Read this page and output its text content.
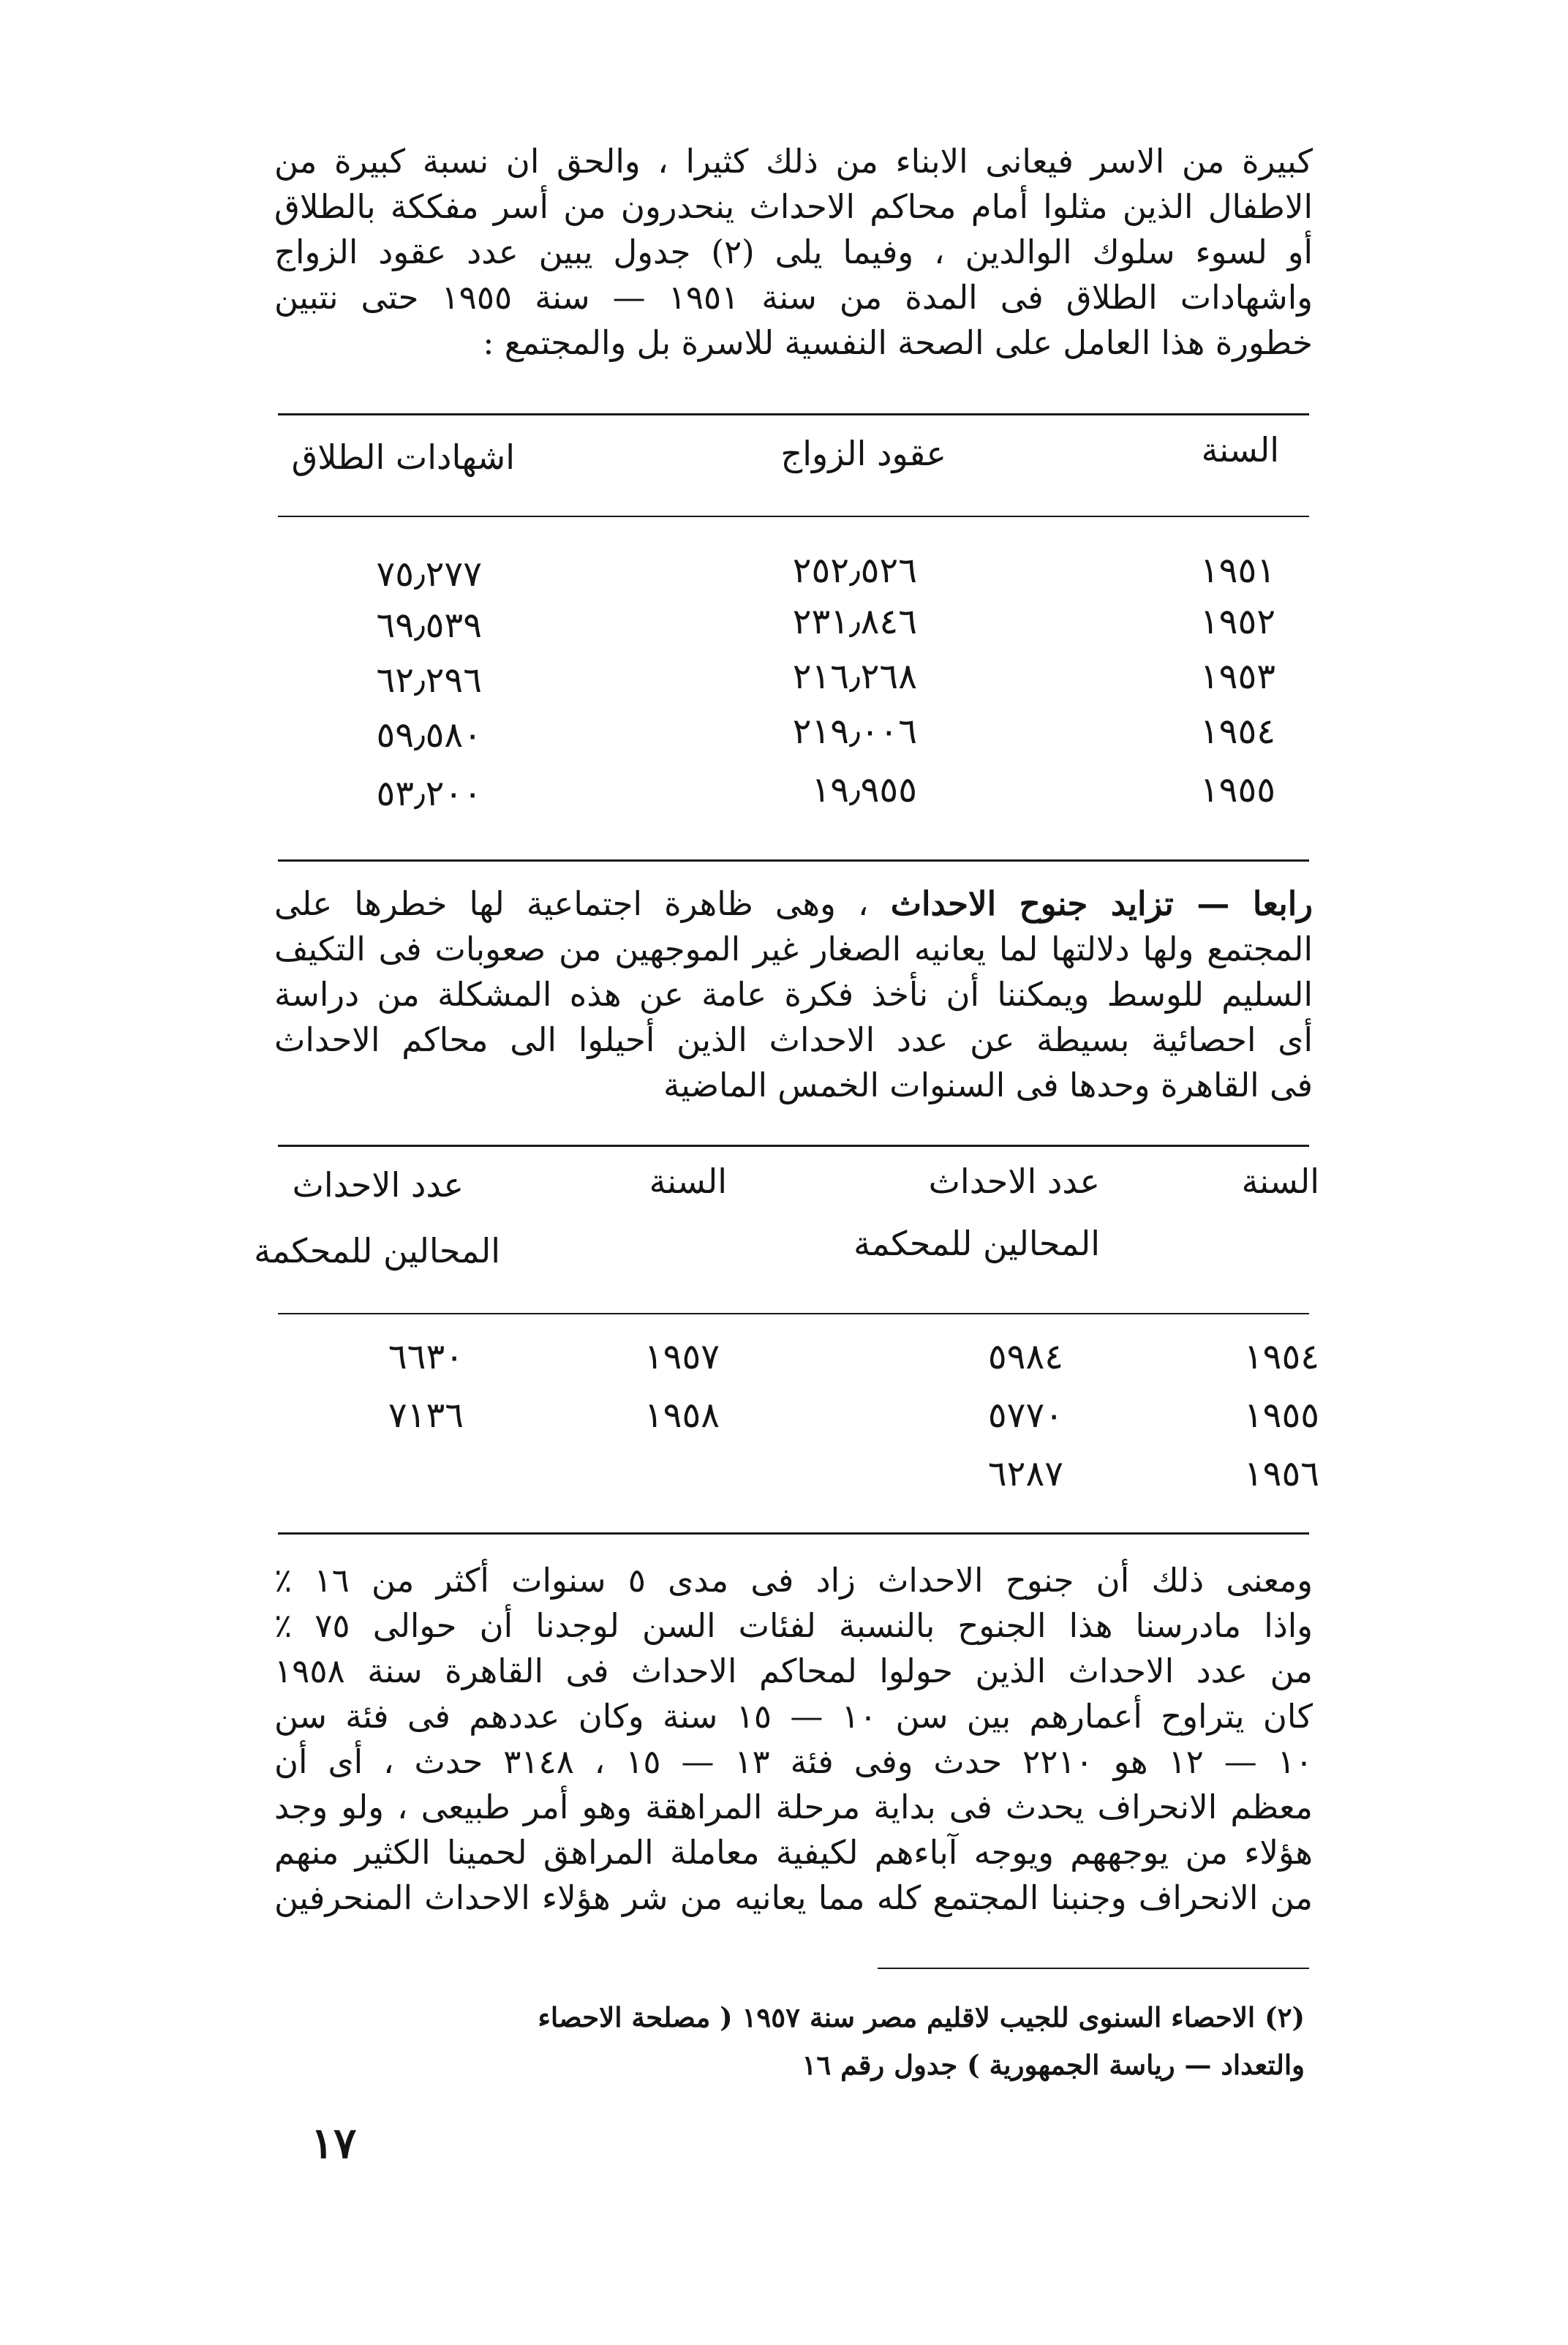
كبيرة من الاسر فيعانى الابناء من ذلك كثيرا ، والحق ان نسبة كبيرة من
الاطفال الذين مثلوا أمام محاكم الاحداث ينحدرون من أسر مفككة بالطلاق
أو لسوء سلوك الوالدين ، وفيما يلى (٢) جدول يبين عدد عقود الزواج
واشهادات الطلاق فى المدة من سنة ١٩٥١ — سنة ١٩٥٥ حتى نتبين
خطورة هذا العامل على الصحة النفسية للاسرة بل والمجتمع :
السنة
عقود الزواج
اشهادات الطلاق
١٩٥١
٢٥٢٫٥٢٦
٧٥٫٢٧٧
١٩٥٢
٢٣١٫٨٤٦
٦٩٫٥٣٩
١٩٥٣
٢١٦٫٢٦٨
٦٢٫٢٩٦
١٩٥٤
٢١٩٫٠٠٦
٥٩٫٥٨٠
١٩٥٥
١٩٫٩٥٥
٥٣٫٢٠٠
رابعا — تزايد جنوح الاحداث ، وهى ظاهرة اجتماعية لها خطرها على
المجتمع ولها دلالتها لما يعانيه الصغار غير الموجهين من صعوبات فى التكيف
السليم للوسط ويمكننا أن نأخذ فكرة عامة عن هذه المشكلة من دراسة
أى احصائية بسيطة عن عدد الاحداث الذين أحيلوا الى محاكم الاحداث
فى القاهرة وحدها فى السنوات الخمس الماضية
السنة
عدد الاحداث
المحالين للمحكمة
السنة
عدد الاحداث
المحالين للمحكمة
١٩٥٤
٥٩٨٤
١٩٥٥
٥٧٧٠
١٩٥٦
٦٢٨٧
١٩٥٧
٦٦٣٠
١٩٥٨
٧١٣٦
ومعنى ذلك أن جنوح الاحداث زاد فى مدى ٥ سنوات أكثر من ١٦ ٪
واذا مادرسنا هذا الجنوح بالنسبة لفئات السن لوجدنا أن حوالى ٧٥ ٪
من عدد الاحداث الذين حولوا لمحاكم الاحداث فى القاهرة سنة ١٩٥٨
كان يتراوح أعمارهم بين سن ١٠ — ١٥ سنة وكان عددهم فى فئة سن
١٠ — ١٢ هو ٢٢١٠ حدث وفى فئة ١٣ — ١٥ ، ٣١٤٨ حدث ، أى أن
معظم الانحراف يحدث فى بداية مرحلة المراهقة وهو أمر طبيعى ، ولو وجد
هؤلاء من يوجههم ويوجه آباءهم لكيفية معاملة المراهق لحمينا الكثير منهم
من الانحراف وجنبنا المجتمع كله مما يعانيه من شر هؤلاء الاحداث المنحرفين
(٢) الاحصاء السنوى للجيب لاقليم مصر سنة ١٩٥٧ ( مصلحة الاحصاء
والتعداد — رياسة الجمهورية ) جدول رقم ١٦
١٧
